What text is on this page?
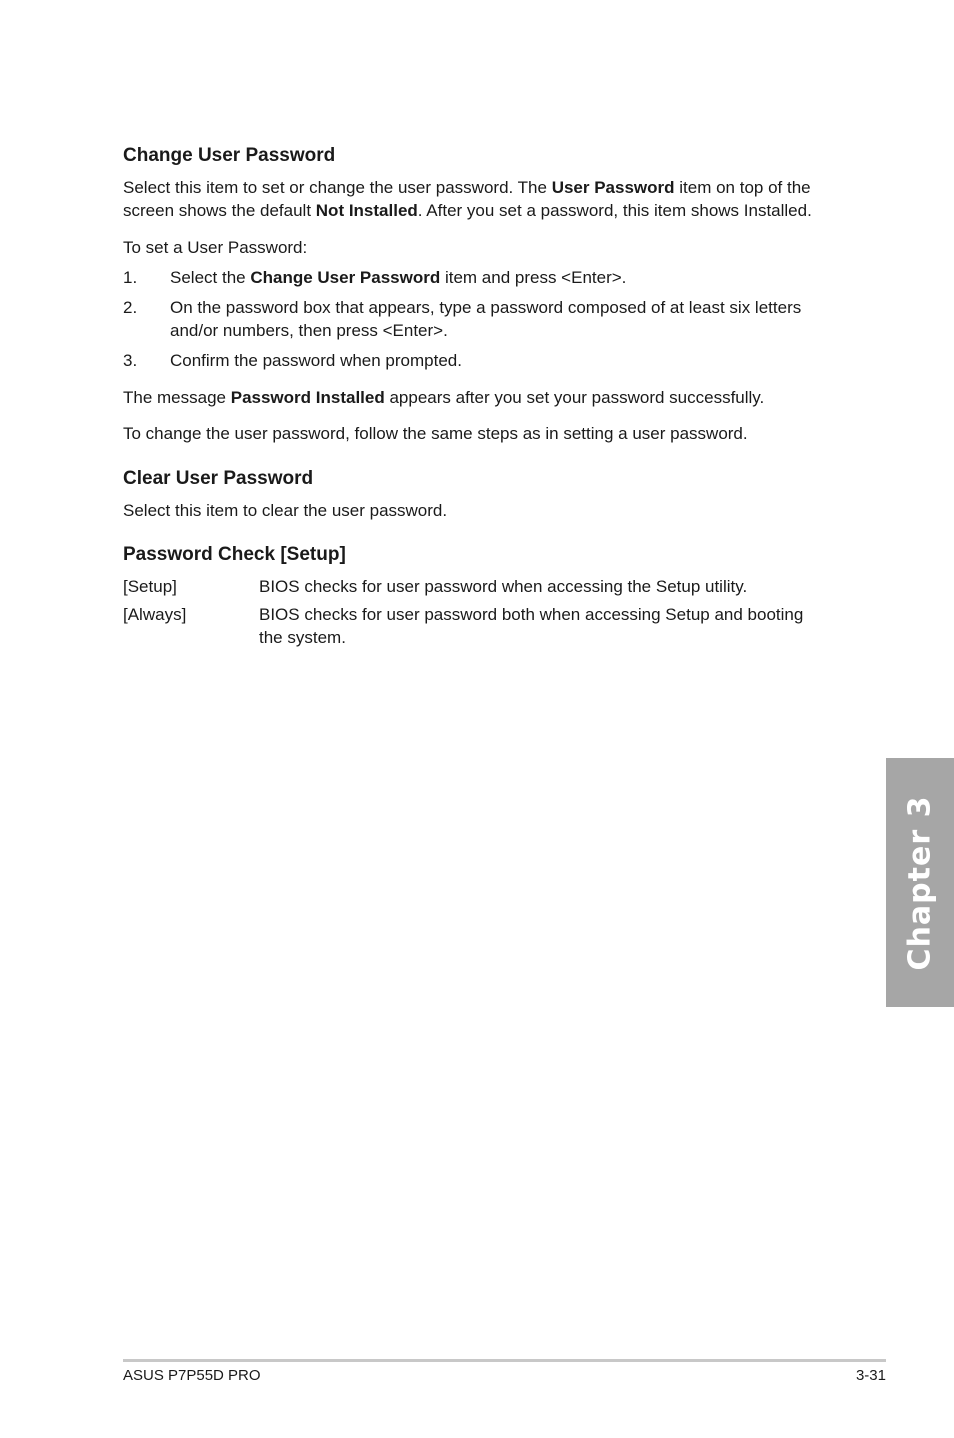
Change User Password

Select this item to set or change the user password. The User Password item on top of the screen shows the default Not Installed. After you set a password, this item shows Installed.

To set a User Password:

1. Select the Change User Password item and press <Enter>.
2. On the password box that appears, type a password composed of at least six letters and/or numbers, then press <Enter>.
3. Confirm the password when prompted.

The message Password Installed appears after you set your password successfully.

To change the user password, follow the same steps as in setting a user password.

Clear User Password

Select this item to clear the user password.

Password Check [Setup]
[Setup]	BIOS checks for user password when accessing the Setup utility.
[Always]	BIOS checks for user password both when accessing Setup and booting the system.
Chapter 3
ASUS P7P55D PRO	3-31
